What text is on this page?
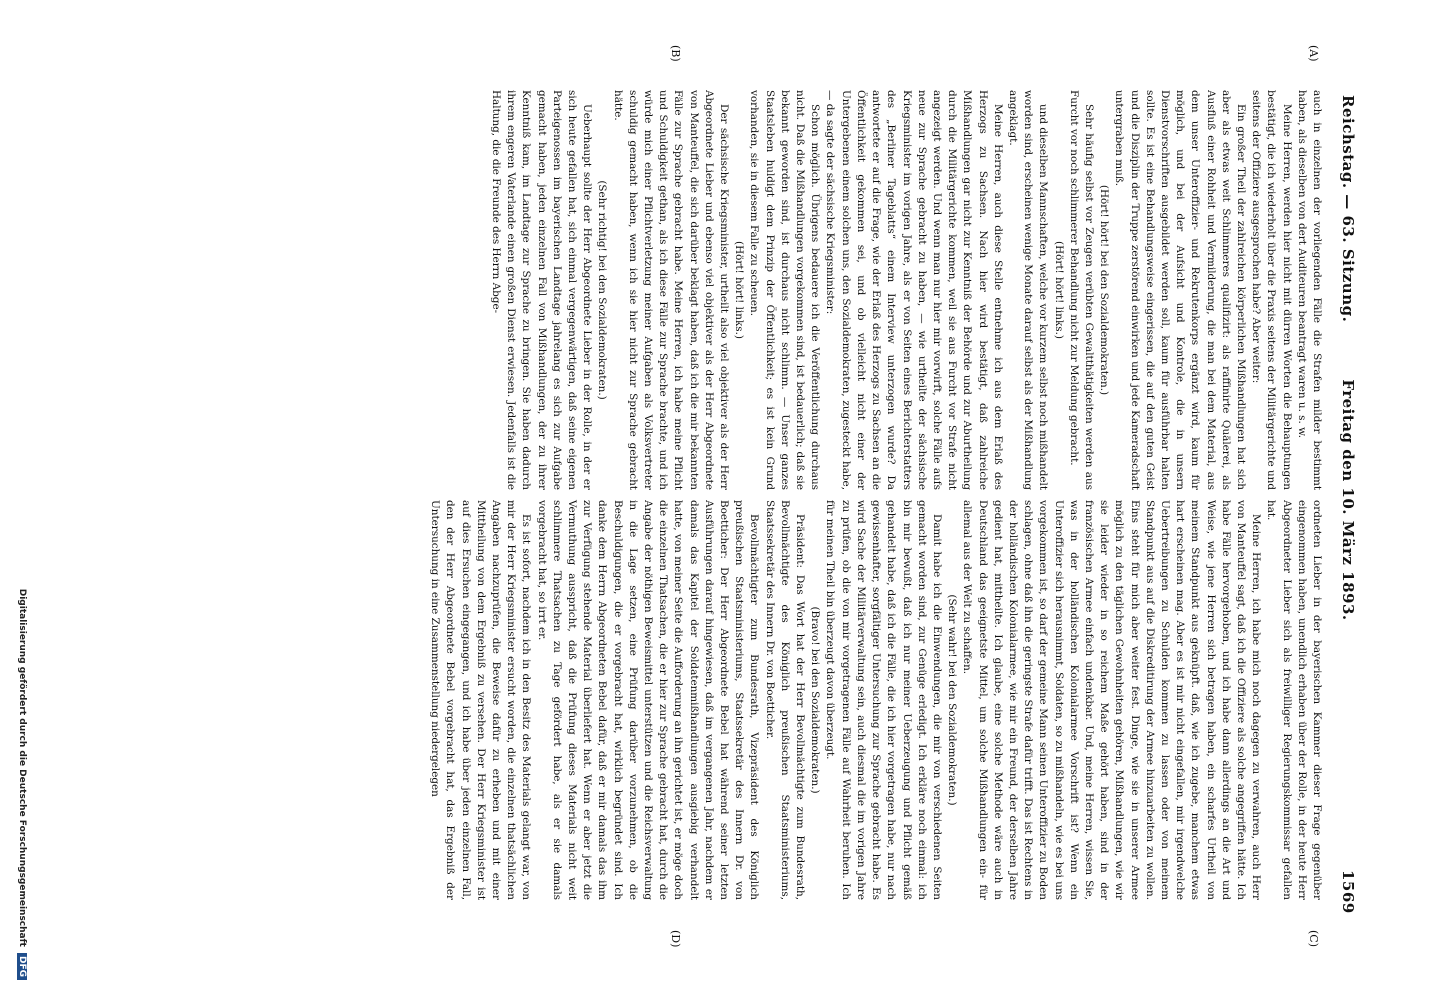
Reichstag. — 63. Sitzung.
Freitag den 10. März 1893.
1569
(A)
(B)
(C)
(D)

auch in einzelnen der vorliegenden Fälle die Strafen milder bestimmt haben, als dieselben von dert Auditeuren beantragt waren u. s. w.

Meine Herren, werden hier nicht mit dürren Worten die Behauptungen bestätigt, die ich wiederholt über die Praxis seitens der Militärgerichte und seitens der Offiziere ausgesprochen habe? Aber weiter:

Ein großer Theil der zahlreichen körperlichen Mißhandlungen hat sich aber als etwas weit Schlimmeres qualifizirt: als raffinirte Quälerei, als Ausfluß einer Rohheit und Vermilderung, die man bei dem Material, aus dem unser Unteroffizier- und Rekrutenkorps ergänzt wird, kaum für möglich, und bei der Aufsicht und Kontrole, die in unsern Dienstvorschriften ausgebildet werden soll, kaum für ausführbar halten sollte. Es ist eine Behandlungsweise eingerissen, die auf den guten Geist und die Disziplin der Truppe zerstörend einwirken und jede Kameradschaft untergraben muß.

(Hört! hört! bei den Sozialdemokraten.)

Sehr häufig selbst vor Zeugen verübten Gewaltthätigkeiten werden aus Furcht vor noch schlimmerer Behandlung nicht zur Meldung gebracht.

(Hört! hört! links.)

und dieselben Mannschaften, welche vor kurzem selbst noch mißhandelt worden sind, erscheinen wenige Monate darauf selbst als der Mißhandlung angeklagt.

Meine Herren, auch diese Stelle entnehme ich aus dem Erlaß des Herzogs zu Sachsen. Nach hier wird bestätigt, daß zahlreiche Mißhandlungen gar nicht zur Kenntniß der Behörde und zur Aburtheilung durch die Militärgerichte kommen, weil sie aus Furcht vor Strafe nicht angezeigt werden. Und wenn man nur hier mir vorwirft, solche Fälle aufs neue zur Sprache gebracht zu haben, — wie urtheilte der sächsische Kriegsminister im vorigen Jahre, als er von Seiten eines Berichterstatters des „Berliner Tageblatts“ einem Interview unterzogen wurde? Da antwortete er auf die Frage, wie der Erlaß des Herzogs zu Sachsen an die Öffentlichkeit gekommen sei, und ob vielleicht nicht einer der Untergebenen einem solchen uns, den Sozialdemokraten, zugesteckt habe, — da sagte der sächsische Kriegsminister:

Schon möglich. Übrigens bedauere ich die Veröffentlichung durchaus nicht. Daß die Mißhandlungen vorgekommen sind, ist bedauerlich; daß sie bekannt geworden sind, ist durchaus nicht schlimm. — Unser ganzes Staatsleben huldigt dem Prinzip der Öffentlichkeit; es ist kein Grund vorhanden, sie in diesem Falle zu scheuen.

(Hört! hört! links.)

Der sächsische Kriegsminister, urtheilt also viel objektiver als der Herr Abgeordnete Lieber und ebenso viel objektiver als der Herr Abgeordnete von Manteuffel, die sich darüber beklagt haben, daß ich die mir bekannten Fälle zur Sprache gebracht habe. Meine Herren, ich habe meine Pflicht und Schuldigkeit gethan, als ich diese Fälle zur Sprache brachte, und ich würde mich einer Pflichtverletzung meiner Aufgaben als Volksvertreter schuldig gemacht haben, wenn ich sie hier nicht zur Sprache gebracht hätte.

(Sehr richtig! bei den Sozialdemokraten.)

Ueberhaupt sollte der Herr Abgeordnete Lieber in der Rolle, in der er sich heute gefallen hat, sich einmal vergegenwärtigen, daß seine eigenen Parteigenossen im bayerischen Landtage jahrelang es sich zur Aufgabe gemacht haben, jeden einzelnen Fall von Mißhandlungen, der zu ihrer Kenntniß kam, im Landtage zur Sprache zu bringen. Sie haben dadurch ihrem engeren Vaterlande einen großen Dienst erwiesen. Jedenfalls ist die Haltung, die die Freunde des Herrn Abge-

ordneten Lieber in der bayerischen Kammer dieser Frage gegenüber eingenommen haben, unendlich erhaben über der Rolle, in der heute Herr Abgeordneter Lieber sich als freiwilliger Regierungskommissar gefallen hat.

Meine Herren, ich habe mich noch dagegen zu verwahren, auch Herr von Manteuffel sagt, daß ich die Offiziere als solche angegriffen hätte. Ich habe Fälle hervorgehoben, und ich habe dann allerdings an die Art und Weise, wie jene Herren sich betragen haben, ein scharfes Urtheil von meinem Standpunkt aus geknüpft. daß, wie ich zugebe, manchem etwas hart erscheinen mag. Aber es ist mir nicht eingefallen, mir irgendwelche Uebertreibungen zu Schulden kommen zu lassen oder von meinem Standpunkt aus auf die Diskreditirung der Armee hinzuarbeiten zu wollen. Eins steht für mich aber weiter fest. Dinge, wie sie in unserer Armee möglich zu den täglichen Gewohnheiten gehören, Mißhandlungen, wie wir sie leider wieder in so reichem Maße gehört haben, sind in der französischen Armee einfach undenkbar. Und, meine Herren, wissen Sie, was in der holländischen Kolonialarmee Vorschrift ist? Wenn ein Unteroffizier sich herausnimmt, Soldaten, so zu mißhandeln, wie es bei uns vorgekommen ist, so darf der gemeine Mann seinen Unteroffizier zu Boden schlagen, ohne daß ihn die geringste Strafe dafür trifft. Das ist Rechtens in der holländischen Kolonialarmee, wie mir ein Freund, der derselben Jahre gedient hat, mittheilte. Ich glaube, eine solche Methode wäre auch in Deutschland das geeignetste Mittel, um solche Mißhandlungen ein- für allemal aus der Welt zu schaffen.

(Sehr wahr! bei den Sozialdemokraten.)

Damit habe ich die Einwendungen, die mir von verschiedenen Seiten gemacht worden sind, zur Genüge erledigt. Ich erkläre noch einmal: ich bin mir bewußt, daß ich nur meiner Ueberzeugung und Pflicht gemäß gehandelt habe, daß ich die Fälle, die ich hier vorgetragen habe, nur nach gewissenhafter, sorgfältiger Untersuchung zur Sprache gebracht habe. Es wird Sache der Militärverwaltung sein, auch diesmal die im vorigen Jahre zu prüfen, ob die von mir vorgetragenen Fälle auf Wahrheit beruhen. Ich für meinen Theil bin überzeugt davon überzeugt.

(Bravo! bei den Sozialdemokraten.)

Präsident: Das Wort hat der Herr Bevollmächtigte zum Bundesrath, Bevollmächtigte des Königlich preußischen Staatsministeriums, Staatssekretär des Innern Dr. von Boetticher.

Bevollmächtigter zum Bundesrath, Vizepräsident des Königlich preußischen Staatsministeriums, Staatssekretär des Innern Dr. von Boetticher: Der Herr Abgeordnete Bebel hat während seiner letzten Ausführungen darauf hingewiesen, daß im vergangenen Jahr, nachdem er damals das Kapitel der Soldatenmißhandlungen ausgiebig verhandelt hatte, von meiner Seite die Aufforderung an ihn gerichtet ist, er möge doch die einzelnen Thatsachen, die er hier zur Sprache gebracht hat, durch die Angabe der nöthigen Beweismittel unterstützen und die Reichsverwaltung in die Lage setzen, eine Prüfung darüber vorzunehmen, ob die Beschuldigungen, die er vorgebracht hat, wirklich begründet sind. Ich danke dem Herrn Abgeordneten Bebel dafür, daß er mir damals das ihm zur Verfügung stehende Material überliefert hat. Wenn er aber jetzt die Vermuthung ausspricht, daß die Prüfung dieses Materials nicht weit schlimmere Thatsachen zu Tage gefördert habe, als er sie damals vorgebracht hat, so irrt er.

Es ist sofort, nachdem ich in den Besitz des Materials gelangt war, von mir der Herr Kriegsminister ersucht worden, die einzelnen thatsächlichen Angaben nachzuprüfen, die Beweise dafür zu erheben und mit einer Mittheilung von dem Ergebniß zu versehen. Der Herr Kriegsminister ist auf dies Ersuchen eingegangen, und ich habe über jeden einzelnen Fall, den der Herr Abgeordnete Bebel vorgebracht hat, das Ergebniß der Untersuchung in eine Zusammenstellung niedergelegen

Digitalisierung gefördert durch die Deutsche Forschungsgemeinschaft DFG
